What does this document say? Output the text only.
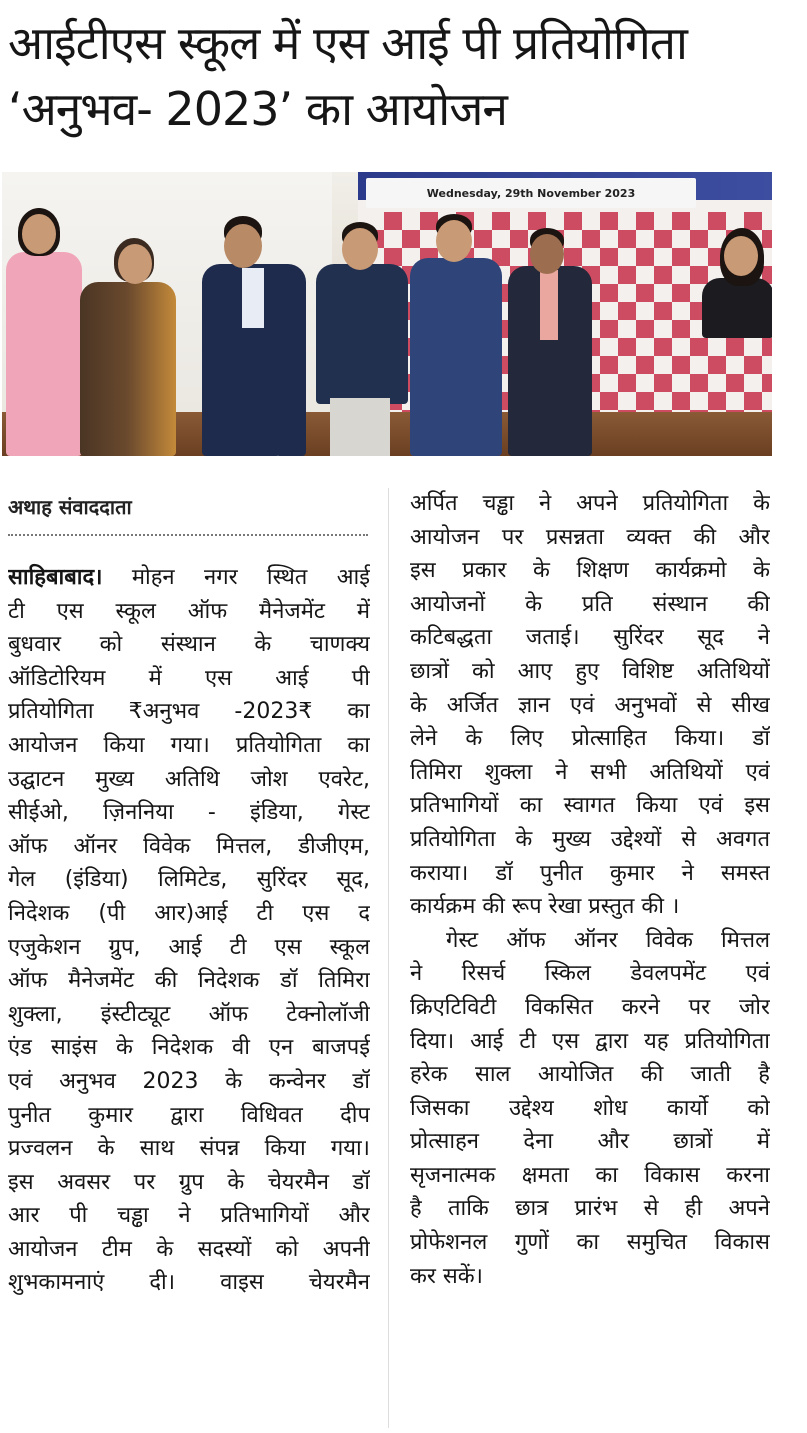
आईटीएस स्कूल में एस आई पी प्रतियोगिता
‘अनुभव- 2023’ का आयोजन
Wednesday, 29th November 2023
अथाह संवाददाता
साहिबाबाद। मोहन नगर स्थित आई
टी एस स्कूल ऑफ मैनेजमेंट में
बुधवार को संस्थान के चाणक्य
ऑडिटोरियम में एस आई पी
प्रतियोगिता ₹अनुभव -2023₹ का
आयोजन किया गया। प्रतियोगिता का
उद्घाटन मुख्य अतिथि जोश एवरेट,
सीईओ, ज़िननिया - इंडिया, गेस्ट
ऑफ ऑनर विवेक मित्तल, डीजीएम,
गेल (इंडिया) लिमिटेड, सुरिंदर सूद,
निदेशक (पी आर)आई टी एस द
एजुकेशन ग्रुप, आई टी एस स्कूल
ऑफ मैनेजमेंट की निदेशक डॉ तिमिरा
शुक्ला, इंस्टीट्यूट ऑफ टेक्नोलॉजी
एंड साइंस के निदेशक वी एन बाजपई
एवं अनुभव 2023 के कन्वेनर डॉ
पुनीत कुमार द्वारा विधिवत दीप
प्रज्वलन के साथ संपन्न किया गया।
इस अवसर पर ग्रुप के चेयरमैन डॉ
आर पी चड्ढा ने प्रतिभागियों और
आयोजन टीम के सदस्यों को अपनी
शुभकामनाएं दी। वाइस चेयरमैन
अर्पित चड्ढा ने अपने प्रतियोगिता के
आयोजन पर प्रसन्नता व्यक्त की और
इस प्रकार के शिक्षण कार्यक्रमो के
आयोजनों के प्रति संस्थान की
कटिबद्धता जताई। सुरिंदर सूद ने
छात्रों को आए हुए विशिष्ट अतिथियों
के अर्जित ज्ञान एवं अनुभवों से सीख
लेने के लिए प्रोत्साहित किया। डॉ
तिमिरा शुक्ला ने सभी अतिथियों एवं
प्रतिभागियों का स्वागत किया एवं इस
प्रतियोगिता के मुख्य उद्देश्यों से अवगत
कराया। डॉ पुनीत कुमार ने समस्त
कार्यक्रम की रूप रेखा प्रस्तुत की ।
गेस्ट ऑफ ऑनर विवेक मित्तल
ने रिसर्च स्किल डेवलपमेंट एवं
क्रिएटिविटी विकसित करने पर जोर
दिया। आई टी एस द्वारा यह प्रतियोगिता
हरेक साल आयोजित की जाती है
जिसका उद्देश्य शोध कार्यो को
प्रोत्साहन देना और छात्रों में
सृजनात्मक क्षमता का विकास करना
है ताकि छात्र प्रारंभ से ही अपने
प्रोफेशनल गुणों का समुचित विकास
कर सकें।
